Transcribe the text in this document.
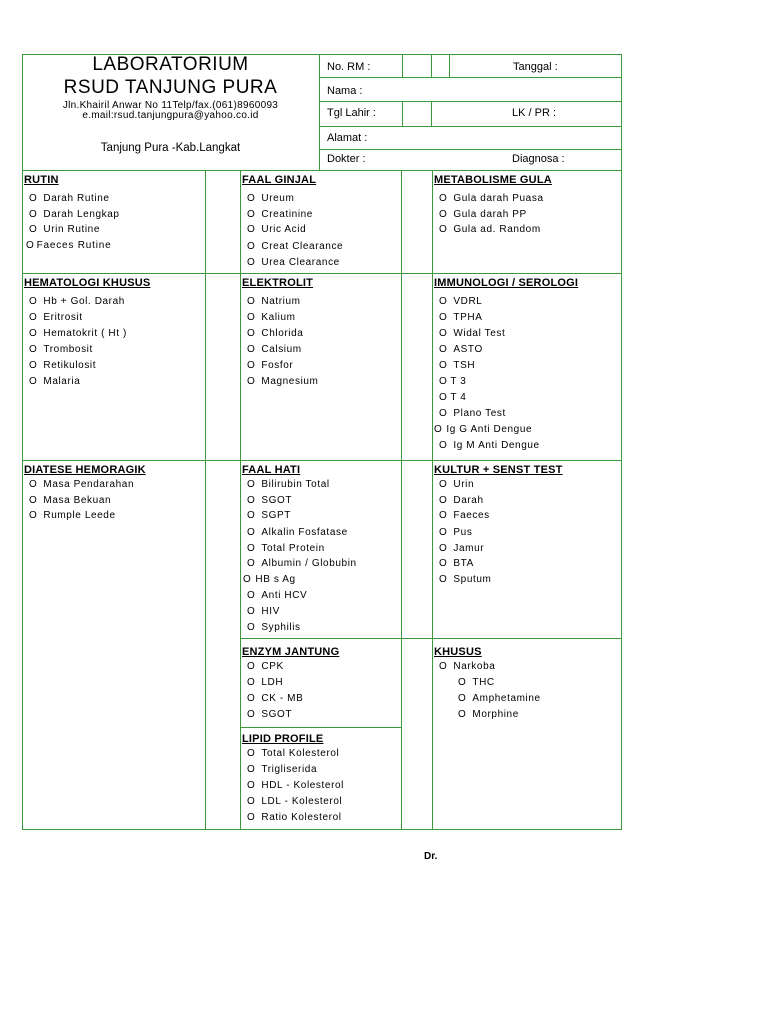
LABORATORIUM
RSUD TANJUNG PURA
Jln.Khairil Anwar No 11Telp/fax.(061)8960093
e.mail:rsud.tanjungpura@yahoo.co.id
Tanjung Pura -Kab.Langkat
No. RM :	Tanggal :
Nama :
Tgl Lahir :	LK / PR :
Alamat :
Dokter :	Diagnosa :
RUTIN
O Darah Rutine
O Darah Lengkap
O Urin Rutine
O Faeces Rutine
FAAL GINJAL
O Ureum
O Creatinine
O Uric Acid
O Creat Clearance
O Urea Clearance
METABOLISME GULA
O Gula darah Puasa
O Gula darah PP
O Gula ad. Random
HEMATOLOGI KHUSUS
O Hb + Gol. Darah
O Eritrosit
O Hematokrit ( Ht )
O Trombosit
O Retikulosit
O Malaria
ELEKTROLIT
O Natrium
O Kalium
O Chlorida
O Calsium
O Fosfor
O Magnesium
IMMUNOLOGI / SEROLOGI
O VDRL
O TPHA
O Widal Test
O ASTO
O TSH
O T 3
O T 4
O Plano Test
O Ig G Anti Dengue
O Ig M Anti Dengue
DIATESE HEMORAGIK
O Masa Pendarahan
O Masa Bekuan
O Rumple Leede
FAAL HATI
O Bilirubin Total
O SGOT
O SGPT
O Alkalin Fosfatase
O Total Protein
O Albumin / Globubin
O HB s Ag
O Anti HCV
O HIV
O Syphilis
KULTUR + SENST TEST
O Urin
O Darah
O Faeces
O Pus
O Jamur
O BTA
O Sputum
ENZYM JANTUNG
O CPK
O LDH
O CK - MB
O SGOT
KHUSUS
O Narkoba
O THC
O Amphetamine
O Morphine
LIPID PROFILE
O Total Kolesterol
O Trigliserida
O HDL - Kolesterol
O LDL - Kolesterol
O Ratio Kolesterol
Dr.
